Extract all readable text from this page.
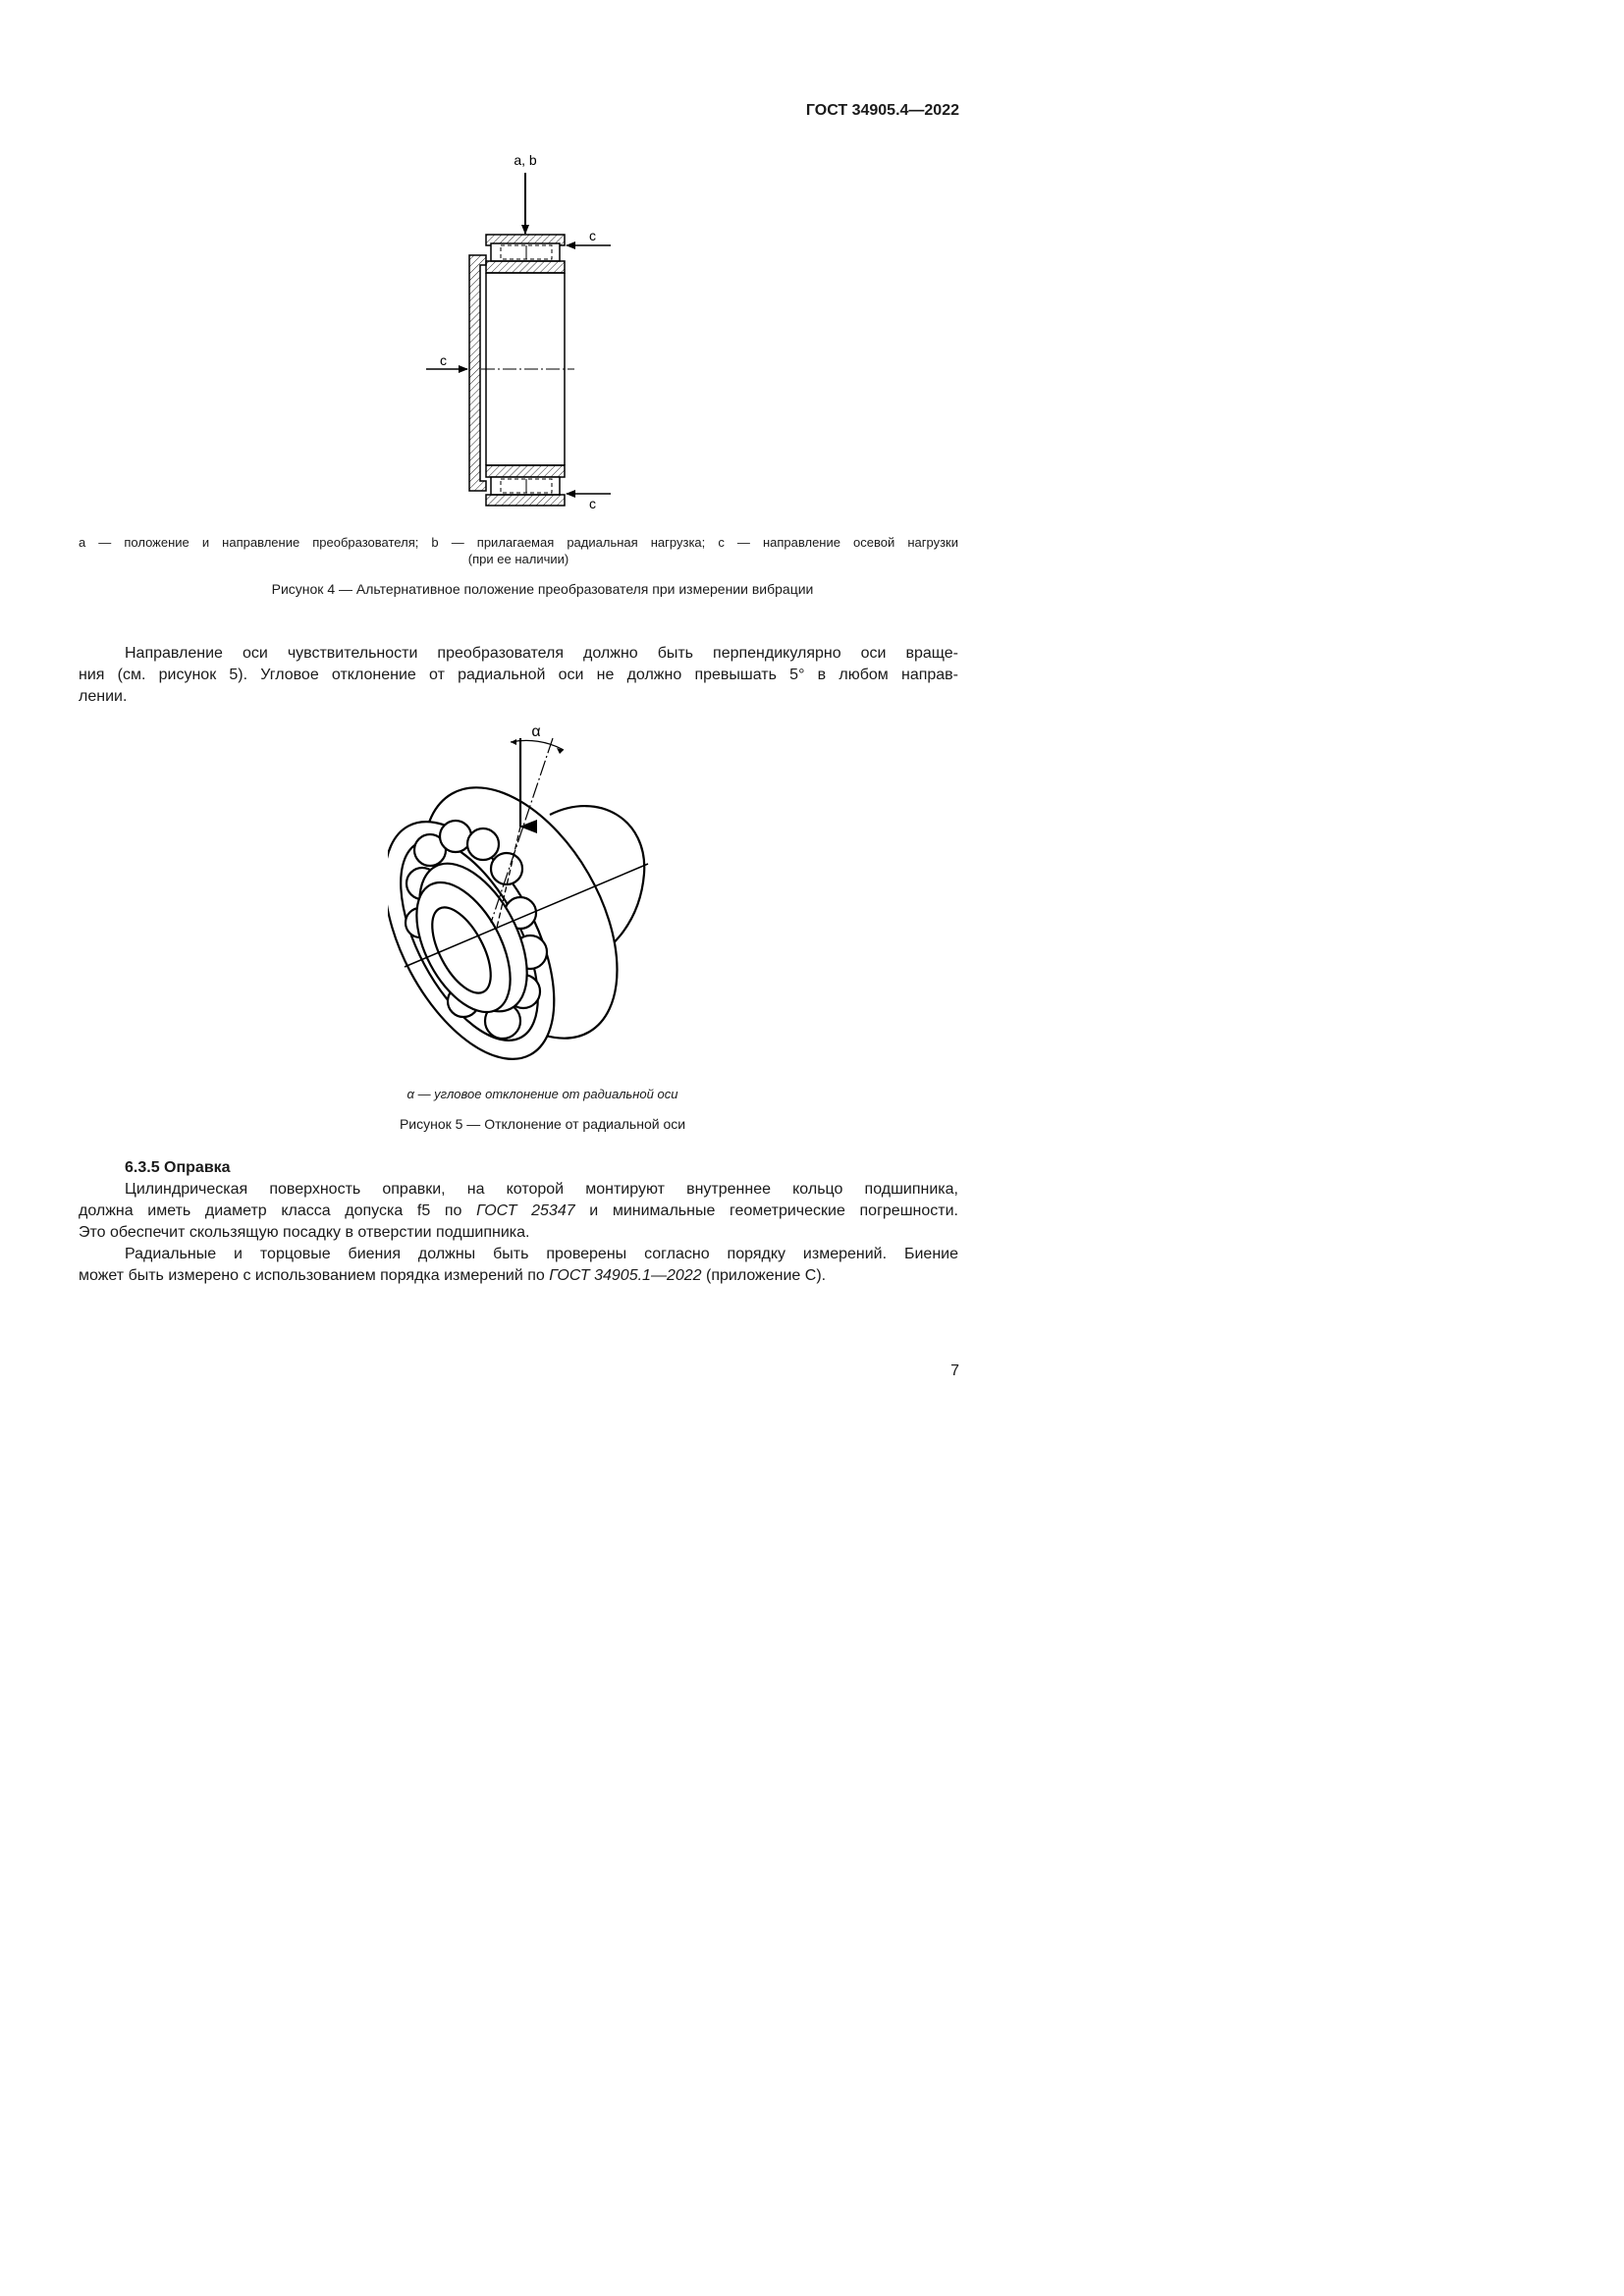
ГОСТ 34905.4—2022
a, b
c
c
c
a — положение и направление преобразователя; b — прилагаемая радиальная нагрузка; c — направление осевой нагрузки
(при ее наличии)
Рисунок 4 — Альтернативное положение преобразователя при измерении вибрации

Направление оси чувствительности преобразователя должно быть перпендикулярно оси враще-

ния (см. рисунок 5). Угловое отклонение от радиальной оси не должно превышать 5° в любом направ-

лении.

α
α — угловое отклонение от радиальной оси
Рисунок 5 — Отклонение от радиальной оси
6.3.5 Оправка

Цилиндрическая поверхность оправки, на которой монтируют внутреннее кольцо подшипника,

должна иметь диаметр класса допуска f5 по ГОСТ 25347 и минимальные геометрические погрешности.

Это обеспечит скользящую посадку в отверстии подшипника.

Радиальные и торцовые биения должны быть проверены согласно порядку измерений. Биение

может быть измерено с использованием порядка измерений по ГОСТ 34905.1—2022 (приложение С).

7
